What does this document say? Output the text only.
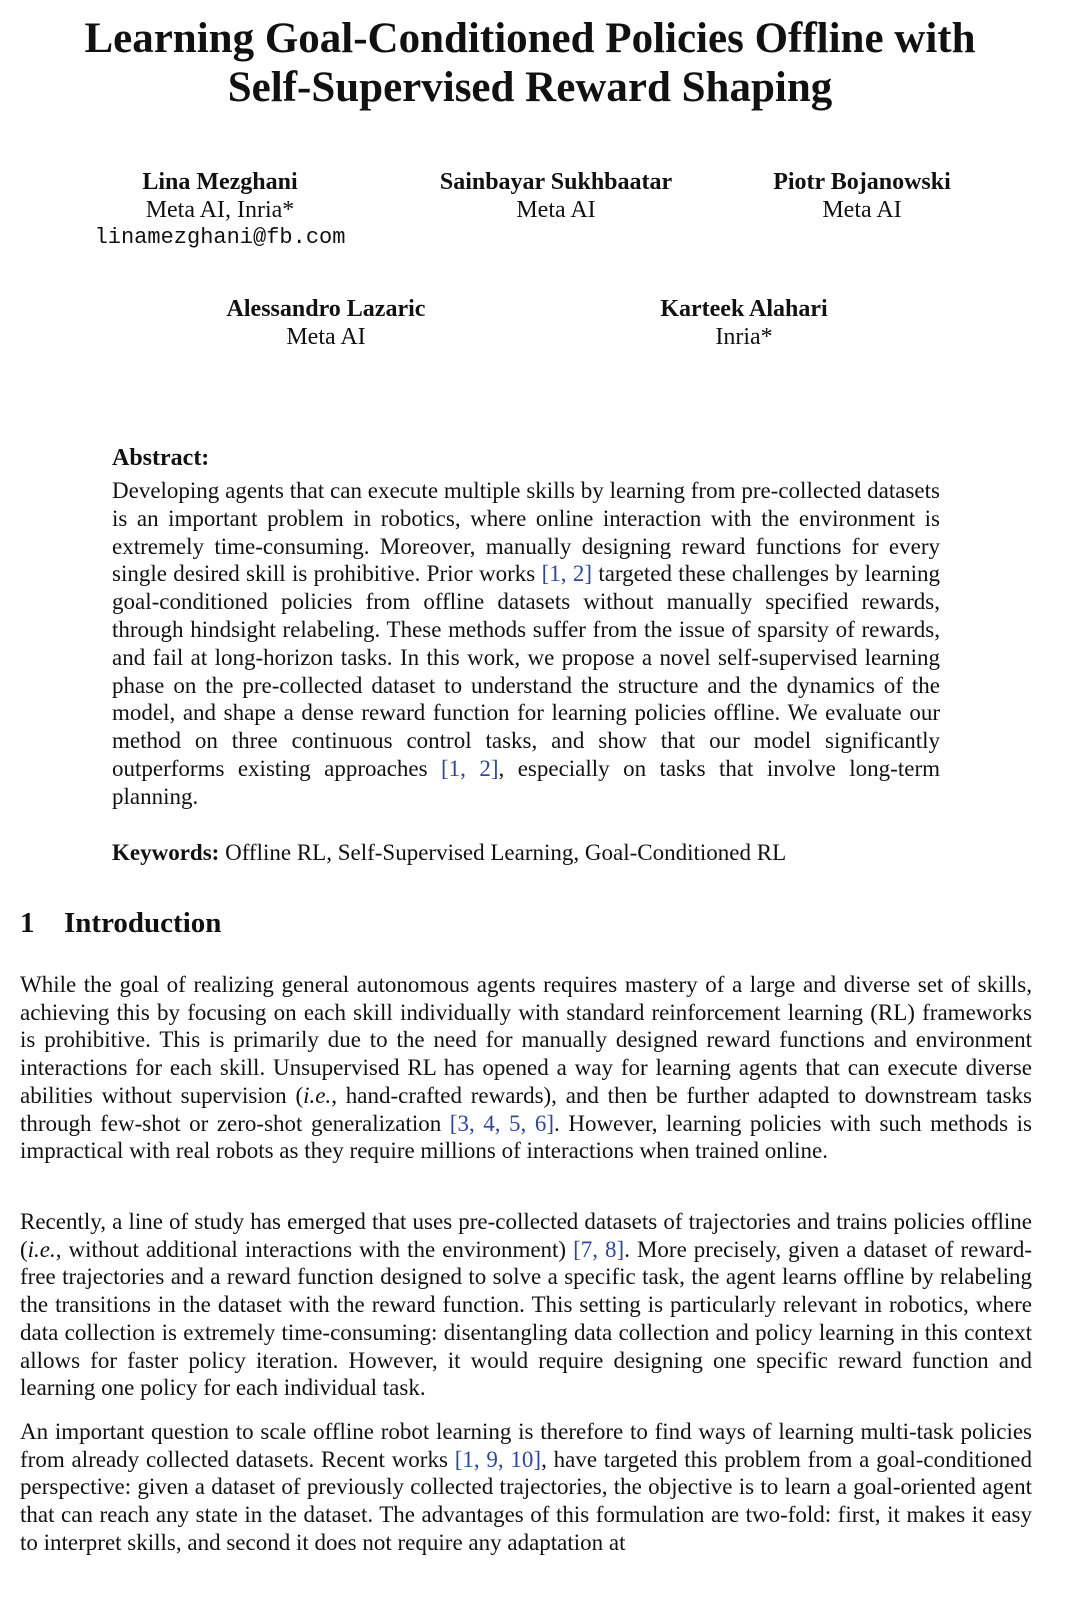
Learning Goal-Conditioned Policies Offline with
Self-Supervised Reward Shaping
Lina Mezghani
Meta AI, Inria*
linamezghani@fb.com
Sainbayar Sukhbaatar
Meta AI
Piotr Bojanowski
Meta AI
Alessandro Lazaric
Meta AI
Karteek Alahari
Inria*
Abstract:
Developing agents that can execute multiple skills by learning from pre-collected datasets is an important problem in robotics, where online interaction with the environment is extremely time-consuming. Moreover, manually designing reward functions for every single desired skill is prohibitive. Prior works [1, 2] targeted these challenges by learning goal-conditioned policies from offline datasets without manually specified rewards, through hindsight relabeling. These methods suffer from the issue of sparsity of rewards, and fail at long-horizon tasks. In this work, we propose a novel self-supervised learning phase on the pre-collected dataset to understand the structure and the dynamics of the model, and shape a dense reward function for learning policies offline. We evaluate our method on three continuous control tasks, and show that our model significantly outperforms existing approaches [1, 2], especially on tasks that involve long-term planning.
Keywords: Offline RL, Self-Supervised Learning, Goal-Conditioned RL
1 Introduction

While the goal of realizing general autonomous agents requires mastery of a large and diverse set of skills, achieving this by focusing on each skill individually with standard reinforcement learning (RL) frameworks is prohibitive. This is primarily due to the need for manually designed reward functions and environment interactions for each skill. Unsupervised RL has opened a way for learning agents that can execute diverse abilities without supervision (i.e., hand-crafted rewards), and then be further adapted to downstream tasks through few-shot or zero-shot generalization [3, 4, 5, 6]. However, learning policies with such methods is impractical with real robots as they require millions of interactions when trained online.

Recently, a line of study has emerged that uses pre-collected datasets of trajectories and trains policies offline (i.e., without additional interactions with the environment) [7, 8]. More precisely, given a dataset of reward-free trajectories and a reward function designed to solve a specific task, the agent learns offline by relabeling the transitions in the dataset with the reward function. This setting is particularly relevant in robotics, where data collection is extremely time-consuming: disentangling data collection and policy learning in this context allows for faster policy iteration. However, it would require designing one specific reward function and learning one policy for each individual task.

An important question to scale offline robot learning is therefore to find ways of learning multi-task policies from already collected datasets. Recent works [1, 9, 10], have targeted this problem from a goal-conditioned perspective: given a dataset of previously collected trajectories, the objective is to learn a goal-oriented agent that can reach any state in the dataset. The advantages of this formulation are two-fold: first, it makes it easy to interpret skills, and second it does not require any adaptation at
